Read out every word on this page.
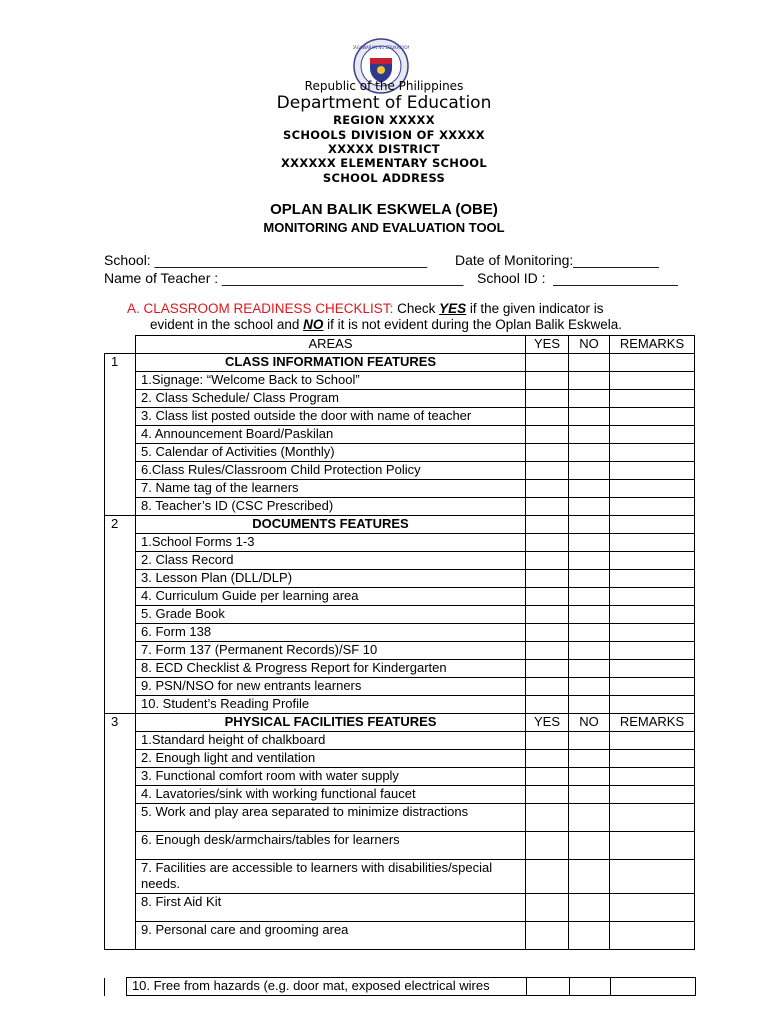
KAGAWARAN NG EDUKASYON
Republic of the Philippines
Department of Education
REGION XXXXX
SCHOOLS DIVISION OF XXXXX
XXXXX DISTRICT
XXXXXX ELEMENTARY SCHOOL
SCHOOL ADDRESS
OPLAN BALIK ESKWELA (OBE)
MONITORING AND EVALUATION TOOL
School: ___________________________________ Date of Monitoring:___________
Name of Teacher : _______________________________ School ID :  ________________
A. CLASSROOM READINESS CHECKLIST: Check YES if the given indicator is
evident in the school and NO if it is not evident during the Oplan Balik Eskwela.
	AREAS	YES	NO	REMARKS
1	CLASS INFORMATION FEATURES			
	1.Signage: “Welcome Back to School”			
	2. Class Schedule/ Class Program			
	3. Class list posted outside the door with name of teacher			
	4. Announcement Board/Paskilan			
	5. Calendar of Activities (Monthly)			
	6.Class Rules/Classroom Child Protection Policy			
	7. Name tag of the learners			
	8. Teacher’s ID (CSC Prescribed)			
2	DOCUMENTS FEATURES			
	1.School Forms 1-3			
	2. Class Record			
	3. Lesson Plan (DLL/DLP)			
	4. Curriculum Guide per learning area			
	5. Grade Book			
	6. Form 138			
	7. Form 137 (Permanent Records)/SF 10			
	8. ECD Checklist & Progress Report for Kindergarten			
	9. PSN/NSO for new entrants learners			
	10. Student’s Reading Profile			
3	PHYSICAL FACILITIES FEATURES	YES	NO	REMARKS
	1.Standard height of chalkboard			
	2. Enough light and ventilation			
	3. Functional comfort room with water supply			
	4. Lavatories/sink with working functional faucet			
	5. Work and play area separated to minimize distractions			
	6. Enough desk/armchairs/tables for learners			
	7. Facilities are accessible to learners with disabilities/special needs.			
	8. First Aid Kit			
	9. Personal care and grooming area			
	10. Free from hazards (e.g. door mat, exposed electrical wires			
